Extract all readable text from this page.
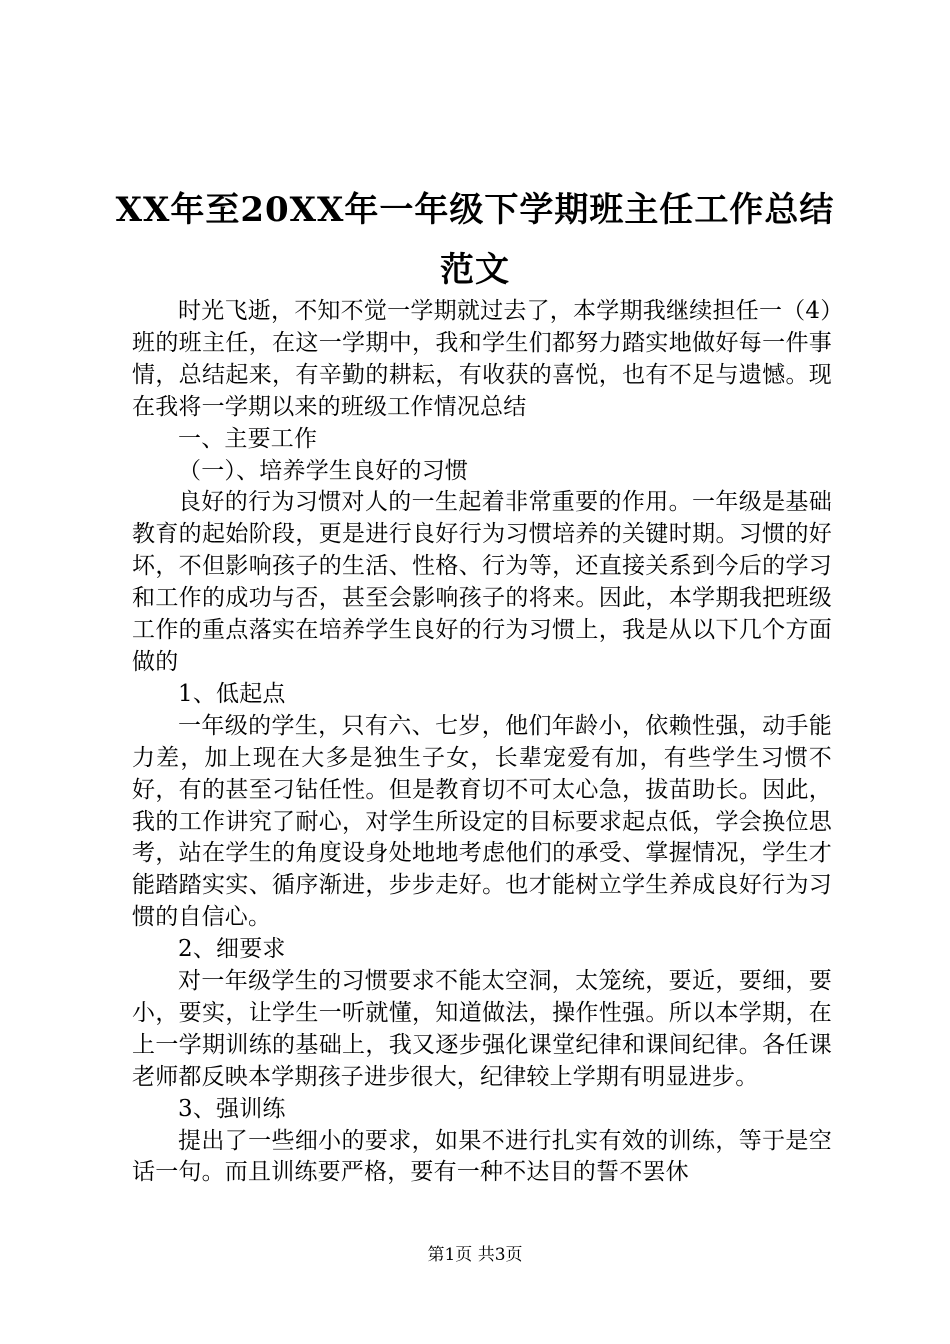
XX年至20XX年一年级下学期班主任工作总结
范文

时光飞逝，不知不觉一学期就过去了，本学期我继续担任一（4）班的班主任，在这一学期中，我和学生们都努力踏实地做好每一件事情，总结起来，有辛勤的耕耘，有收获的喜悦，也有不足与遗憾。现在我将一学期以来的班级工作情况总结

一、主要工作

（一）、培养学生良好的习惯

良好的行为习惯对人的一生起着非常重要的作用。一年级是基础教育的起始阶段，更是进行良好行为习惯培养的关键时期。习惯的好坏，不但影响孩子的生活、性格、行为等，还直接关系到今后的学习和工作的成功与否，甚至会影响孩子的将来。因此，本学期我把班级工作的重点落实在培养学生良好的行为习惯上，我是从以下几个方面做的

1、低起点

一年级的学生，只有六、七岁，他们年龄小，依赖性强，动手能力差，加上现在大多是独生子女，长辈宠爱有加，有些学生习惯不好，有的甚至刁钻任性。但是教育切不可太心急，拔苗助长。因此，我的工作讲究了耐心，对学生所设定的目标要求起点低，学会换位思考，站在学生的角度设身处地地考虑他们的承受、掌握情况，学生才能踏踏实实、循序渐进，步步走好。也才能树立学生养成良好行为习惯的自信心。

2、细要求

对一年级学生的习惯要求不能太空洞，太笼统，要近，要细，要小，要实，让学生一听就懂，知道做法，操作性强。所以本学期，在上一学期训练的基础上，我又逐步强化课堂纪律和课间纪律。各任课老师都反映本学期孩子进步很大，纪律较上学期有明显进步。

3、强训练

提出了一些细小的要求，如果不进行扎实有效的训练，等于是空话一句。而且训练要严格，要有一种不达目的誓不罢休

第1页 共3页
